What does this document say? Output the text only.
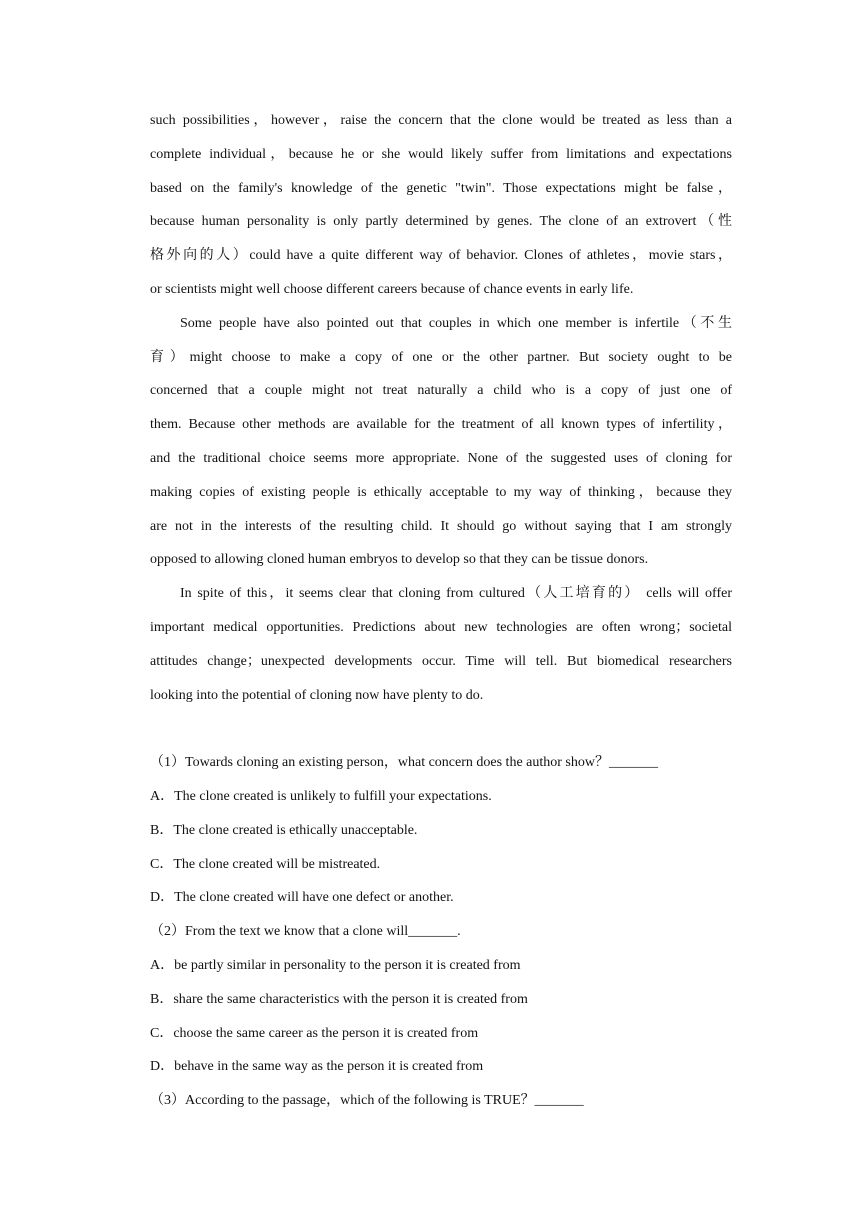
such possibilities，however，raise the concern that the clone would be treated as less than a
complete individual，because he or she would likely suffer from limitations and expectations
based on the family's knowledge of the genetic "twin". Those expectations might be false，
because human personality is only partly determined by genes. The clone of an extrovert（性
格外向的人）could have a quite different way of behavior. Clones of athletes，movie stars，
or scientists might well choose different careers because of chance events in early life.
Some people have also pointed out that couples in which one member is infertile（不生
育）might choose to make a copy of one or the other partner. But society ought to be
concerned that a couple might not treat naturally a child who is a copy of just one of
them. Because other methods are available for the treatment of all known types of infertility，
and the traditional choice seems more appropriate. None of the suggested uses of cloning for
making copies of existing people is ethically acceptable to my way of thinking，because they
are not in the interests of the resulting child. It should go without saying that I am strongly
opposed to allowing cloned human embryos to develop so that they can be tissue donors.
In spite of this，it seems clear that cloning from cultured（人工培育的） cells will offer
important medical opportunities. Predictions about new technologies are often wrong；societal
attitudes change；unexpected developments occur. Time will tell. But biomedical researchers
looking into the potential of cloning now have plenty to do.
（1）Towards cloning an existing person，what concern does the author show？_______
A．The clone created is unlikely to fulfill your expectations.
B．The clone created is ethically unacceptable.
C．The clone created will be mistreated.
D．The clone created will have one defect or another.
（2）From the text we know that a clone will_______.
A．be partly similar in personality to the person it is created from
B．share the same characteristics with the person it is created from
C．choose the same career as the person it is created from
D．behave in the same way as the person it is created from
（3）According to the passage，which of the following is TRUE？_______
